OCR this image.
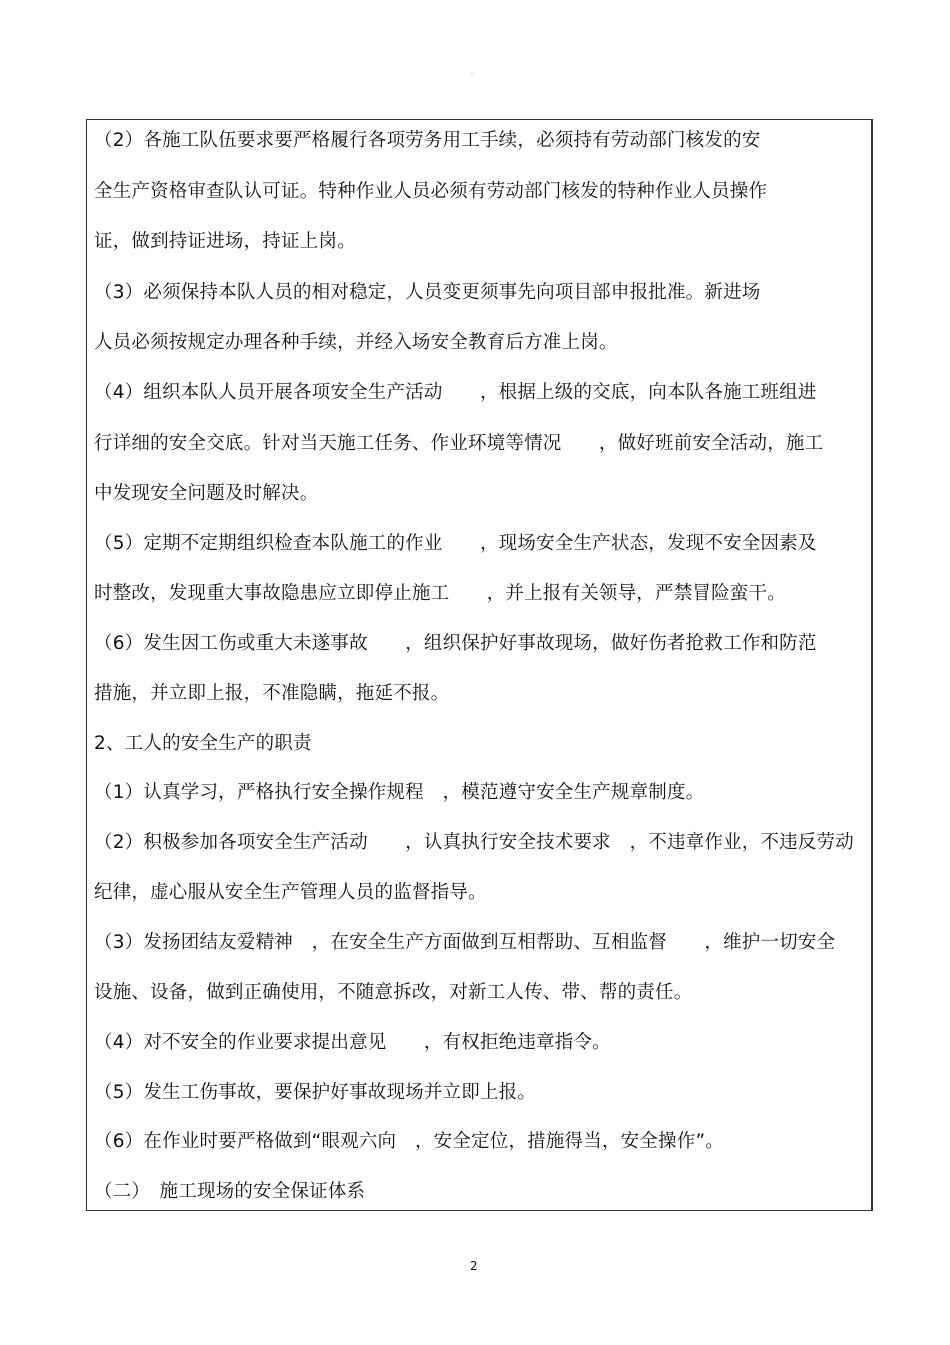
。
（2）各施工队伍要求要严格履行各项劳务用工手续，必须持有劳动部门核发的安
全生产资格审查队认可证。特种作业人员必须有劳动部门核发的特种作业人员操作
证，做到持证进场，持证上岗。
（3）必须保持本队人员的相对稳定，人员变更须事先向项目部申报批准。新进场
人员必须按规定办理各种手续，并经入场安全教育后方准上岗。
（4）组织本队人员开展各项安全生产活动　　，根据上级的交底，向本队各施工班组进
行详细的安全交底。针对当天施工任务、作业环境等情况　　，做好班前安全活动，施工
中发现安全问题及时解决。
（5）定期不定期组织检查本队施工的作业　　，现场安全生产状态，发现不安全因素及
时整改，发现重大事故隐患应立即停止施工　　，并上报有关领导，严禁冒险蛮干。
（6）发生因工伤或重大未遂事故　　，组织保护好事故现场，做好伤者抢救工作和防范
措施，并立即上报，不准隐瞒，拖延不报。
2、工人的安全生产的职责
（1）认真学习，严格执行安全操作规程　，模范遵守安全生产规章制度。
（2）积极参加各项安全生产活动　　，认真执行安全技术要求　，不违章作业，不违反劳动
纪律，虚心服从安全生产管理人员的监督指导。
（3）发扬团结友爱精神　，在安全生产方面做到互相帮助、互相监督　　，维护一切安全
设施、设备，做到正确使用，不随意拆改，对新工人传、带、帮的责任。
（4）对不安全的作业要求提出意见　　，有权拒绝违章指令。
（5）发生工伤事故，要保护好事故现场并立即上报。
（6）在作业时要严格做到“眼观六向　，安全定位，措施得当，安全操作”。
（二）　施工现场的安全保证体系
2
